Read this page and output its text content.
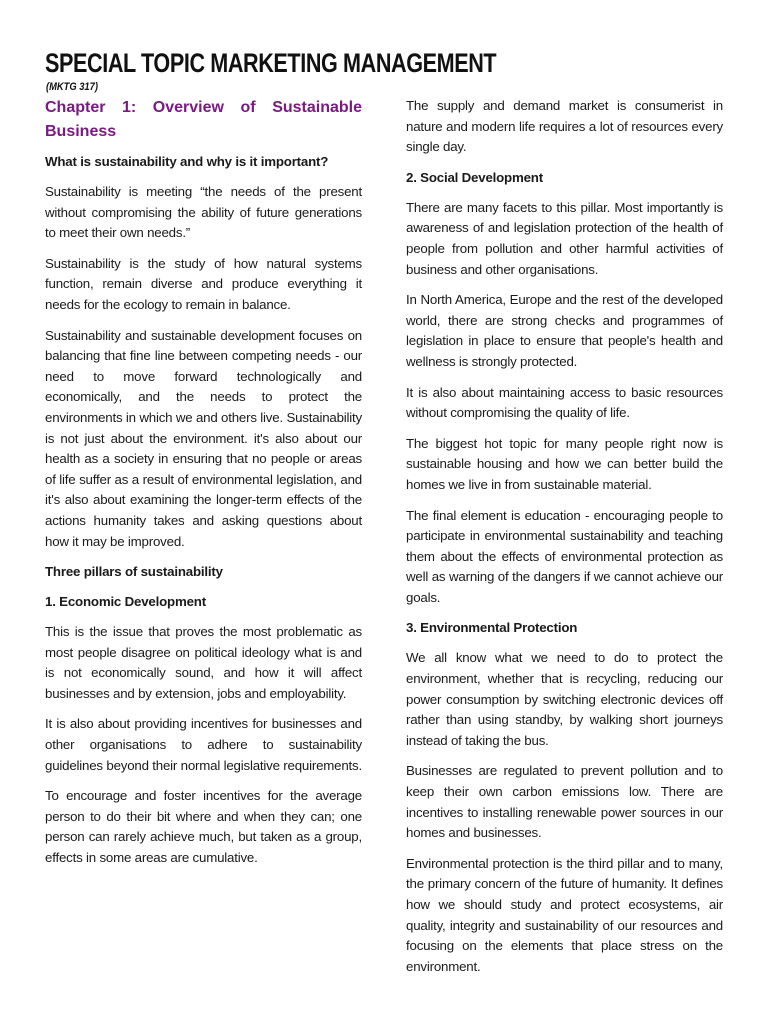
SPECIAL TOPIC MARKETING MANAGEMENT
(MKTG 317)
Chapter 1: Overview of Sustainable Business

What is sustainability and why is it important?

Sustainability is meeting “the needs of the present without compromising the ability of future generations to meet their own needs.”

Sustainability is the study of how natural systems function, remain diverse and produce everything it needs for the ecology to remain in balance.

Sustainability and sustainable development focuses on balancing that fine line between competing needs - our need to move forward technologically and economically, and the needs to protect the environments in which we and others live. Sustainability is not just about the environment. it's also about our health as a society in ensuring that no people or areas of life suffer as a result of environmental legislation, and it's also about examining the longer-term effects of the actions humanity takes and asking questions about how it may be improved.

Three pillars of sustainability

1. Economic Development

This is the issue that proves the most problematic as most people disagree on political ideology what is and is not economically sound, and how it will affect businesses and by extension, jobs and employability.

It is also about providing incentives for businesses and other organisations to adhere to sustainability guidelines beyond their normal legislative requirements.

To encourage and foster incentives for the average person to do their bit where and when they can; one person can rarely achieve much, but taken as a group, effects in some areas are cumulative.

The supply and demand market is consumerist in nature and modern life requires a lot of resources every single day.

2. Social Development

There are many facets to this pillar. Most importantly is awareness of and legislation protection of the health of people from pollution and other harmful activities of business and other organisations.

In North America, Europe and the rest of the developed world, there are strong checks and programmes of legislation in place to ensure that people's health and wellness is strongly protected.

It is also about maintaining access to basic resources without compromising the quality of life.

The biggest hot topic for many people right now is sustainable housing and how we can better build the homes we live in from sustainable material.

The final element is education - encouraging people to participate in environmental sustainability and teaching them about the effects of environmental protection as well as warning of the dangers if we cannot achieve our goals.

3. Environmental Protection

We all know what we need to do to protect the environment, whether that is recycling, reducing our power consumption by switching electronic devices off rather than using standby, by walking short journeys instead of taking the bus.

Businesses are regulated to prevent pollution and to keep their own carbon emissions low. There are incentives to installing renewable power sources in our homes and businesses.

Environmental protection is the third pillar and to many, the primary concern of the future of humanity. It defines how we should study and protect ecosystems, air quality, integrity and sustainability of our resources and focusing on the elements that place stress on the environment.
